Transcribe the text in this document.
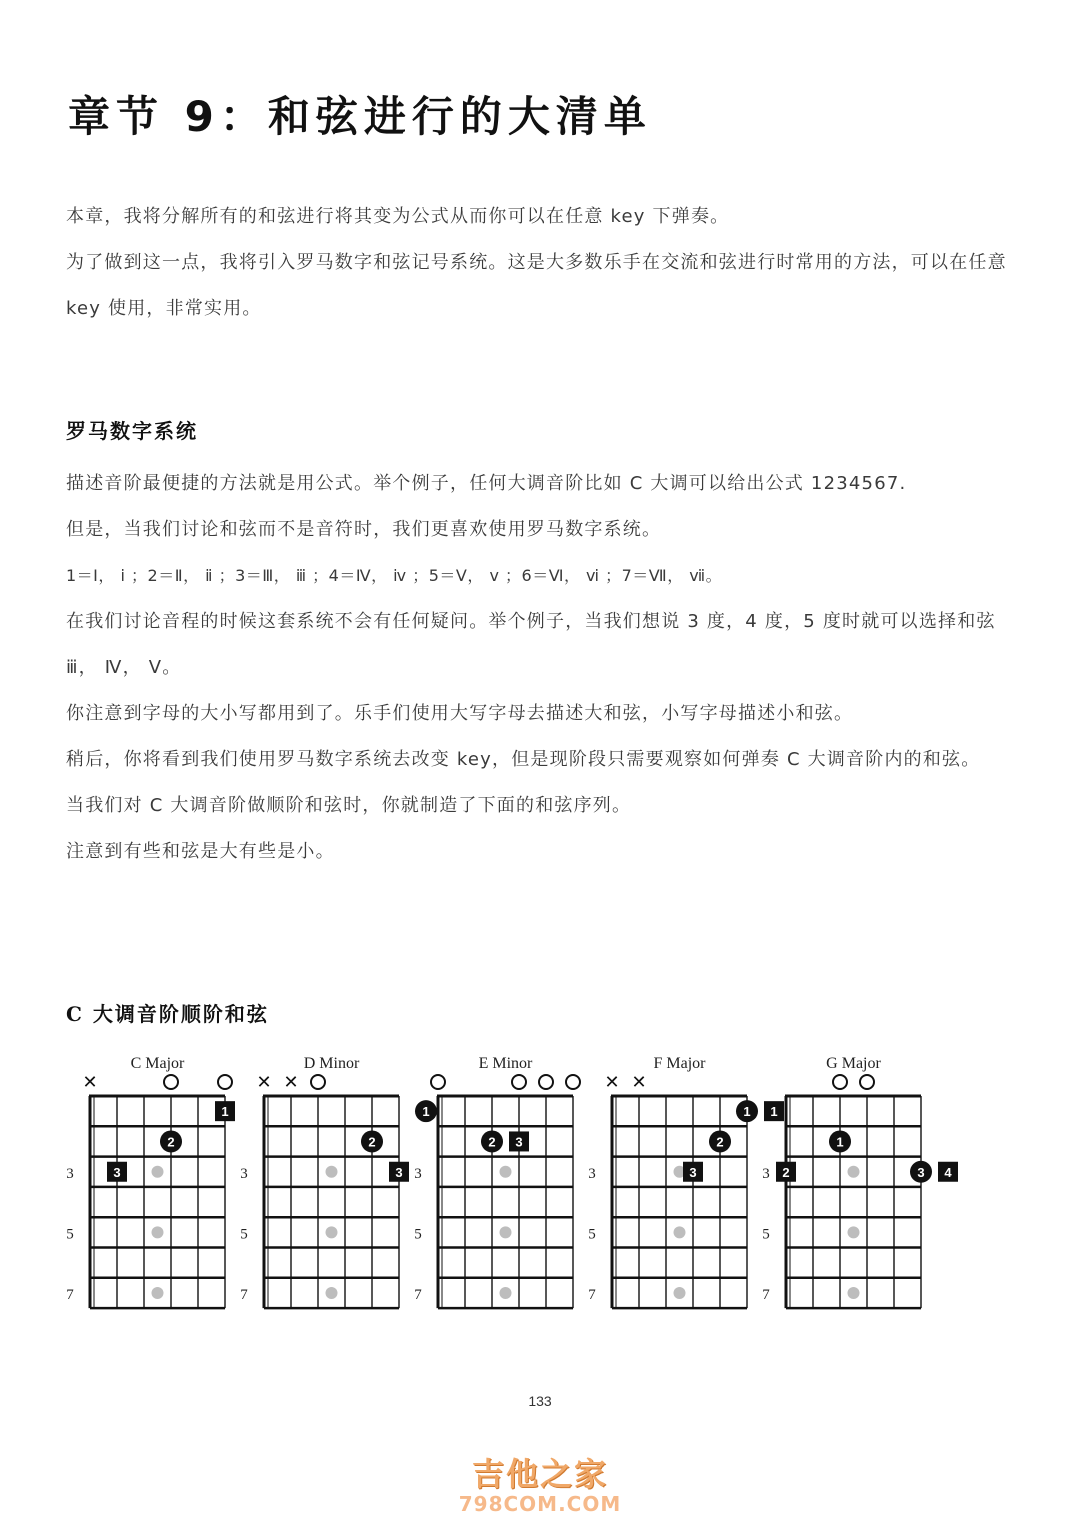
章节 9：和弦进行的大清单

本章，我将分解所有的和弦进行将其变为公式从而你可以在任意 key 下弹奏。

为了做到这一点，我将引入罗马数字和弦记号系统。这是大多数乐手在交流和弦进行时常用的方法，可以在任意 key 使用，非常实用。

罗马数字系统

描述音阶最便捷的方法就是用公式。举个例子，任何大调音阶比如 C 大调可以给出公式 1234567.

但是，当我们讨论和弦而不是音符时，我们更喜欢使用罗马数字系统。

1＝Ⅰ， ⅰ ；2＝Ⅱ， ⅱ ；3＝Ⅲ， ⅲ ；4＝Ⅳ， ⅳ ；5＝Ⅴ， ⅴ ；6＝Ⅵ， ⅵ ；7＝Ⅶ， ⅶ。

在我们讨论音程的时候这套系统不会有任何疑问。举个例子，当我们想说 3 度，4 度，5 度时就可以选择和弦 ⅲ， Ⅳ， Ⅴ。

你注意到字母的大小写都用到了。乐手们使用大写字母去描述大和弦，小写字母描述小和弦。

稍后，你将看到我们使用罗马数字系统去改变 key，但是现阶段只需要观察如何弹奏 C 大调音阶内的和弦。

当我们对 C 大调音阶做顺阶和弦时，你就制造了下面的和弦序列。

注意到有些和弦是大有些是小。

C 大调音阶顺阶和弦
C Major
3
5
7
✕
1
2
3
D Minor
3
5
7
✕ ✕
1
2
3
E Minor
3
5
7
2 3
F Major
3
5
7
✕ ✕
1 1
2
3
G Major
3
5
7
1
2	3 4
133
吉他之家
798COM.COM
